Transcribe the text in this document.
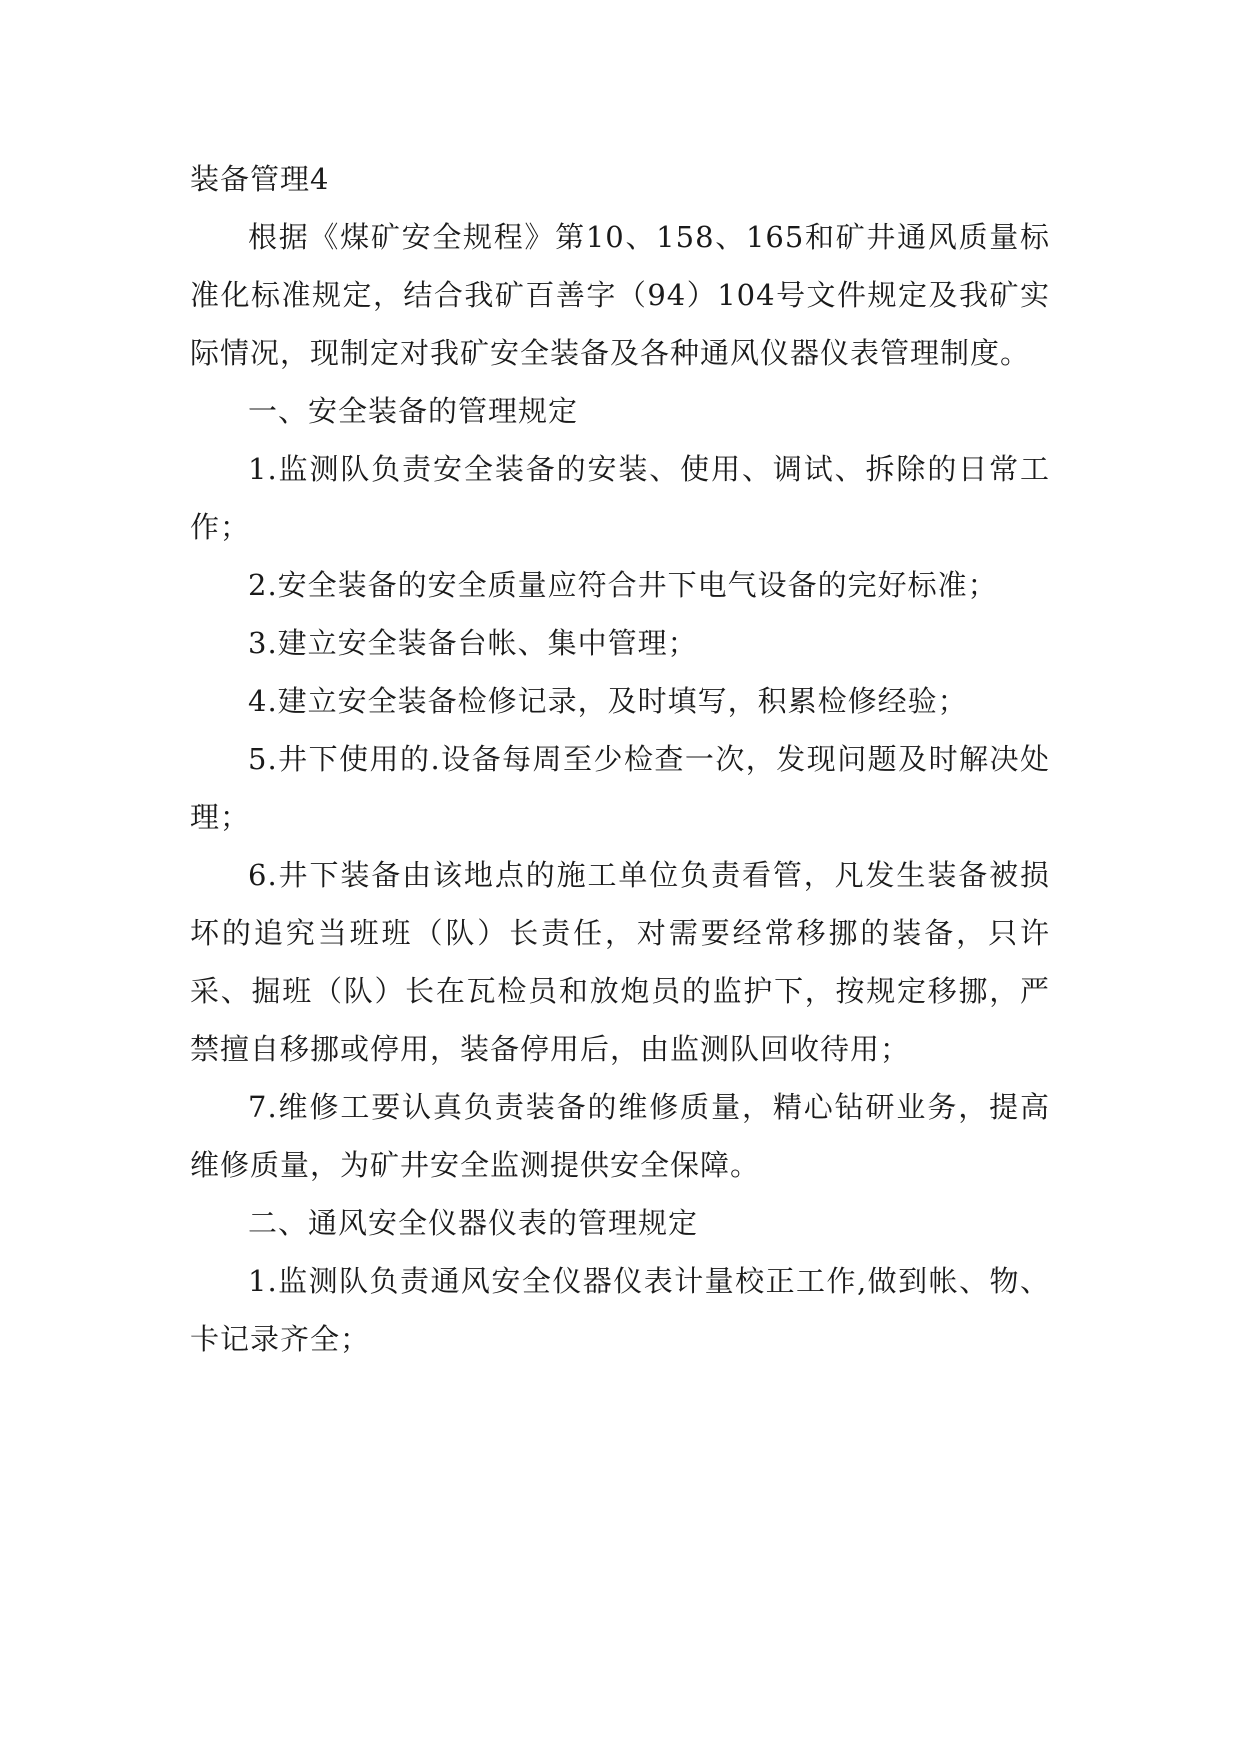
装备管理4

根据《煤矿安全规程》第10、158、165和矿井通风质量标准化标准规定，结合我矿百善字（94）104号文件规定及我矿实际情况，现制定对我矿安全装备及各种通风仪器仪表管理制度。

一、安全装备的管理规定

1.监测队负责安全装备的安装、使用、调试、拆除的日常工作；

2.安全装备的安全质量应符合井下电气设备的完好标准；

3.建立安全装备台帐、集中管理；

4.建立安全装备检修记录，及时填写，积累检修经验；

5.井下使用的.设备每周至少检查一次，发现问题及时解决处理；

6.井下装备由该地点的施工单位负责看管，凡发生装备被损坏的追究当班班（队）长责任，对需要经常移挪的装备，只许采、掘班（队）长在瓦检员和放炮员的监护下，按规定移挪，严禁擅自移挪或停用，装备停用后，由监测队回收待用；

7.维修工要认真负责装备的维修质量，精心钻研业务，提高维修质量，为矿井安全监测提供安全保障。

二、通风安全仪器仪表的管理规定

1.监测队负责通风安全仪器仪表计量校正工作,做到帐、物、卡记录齐全；
